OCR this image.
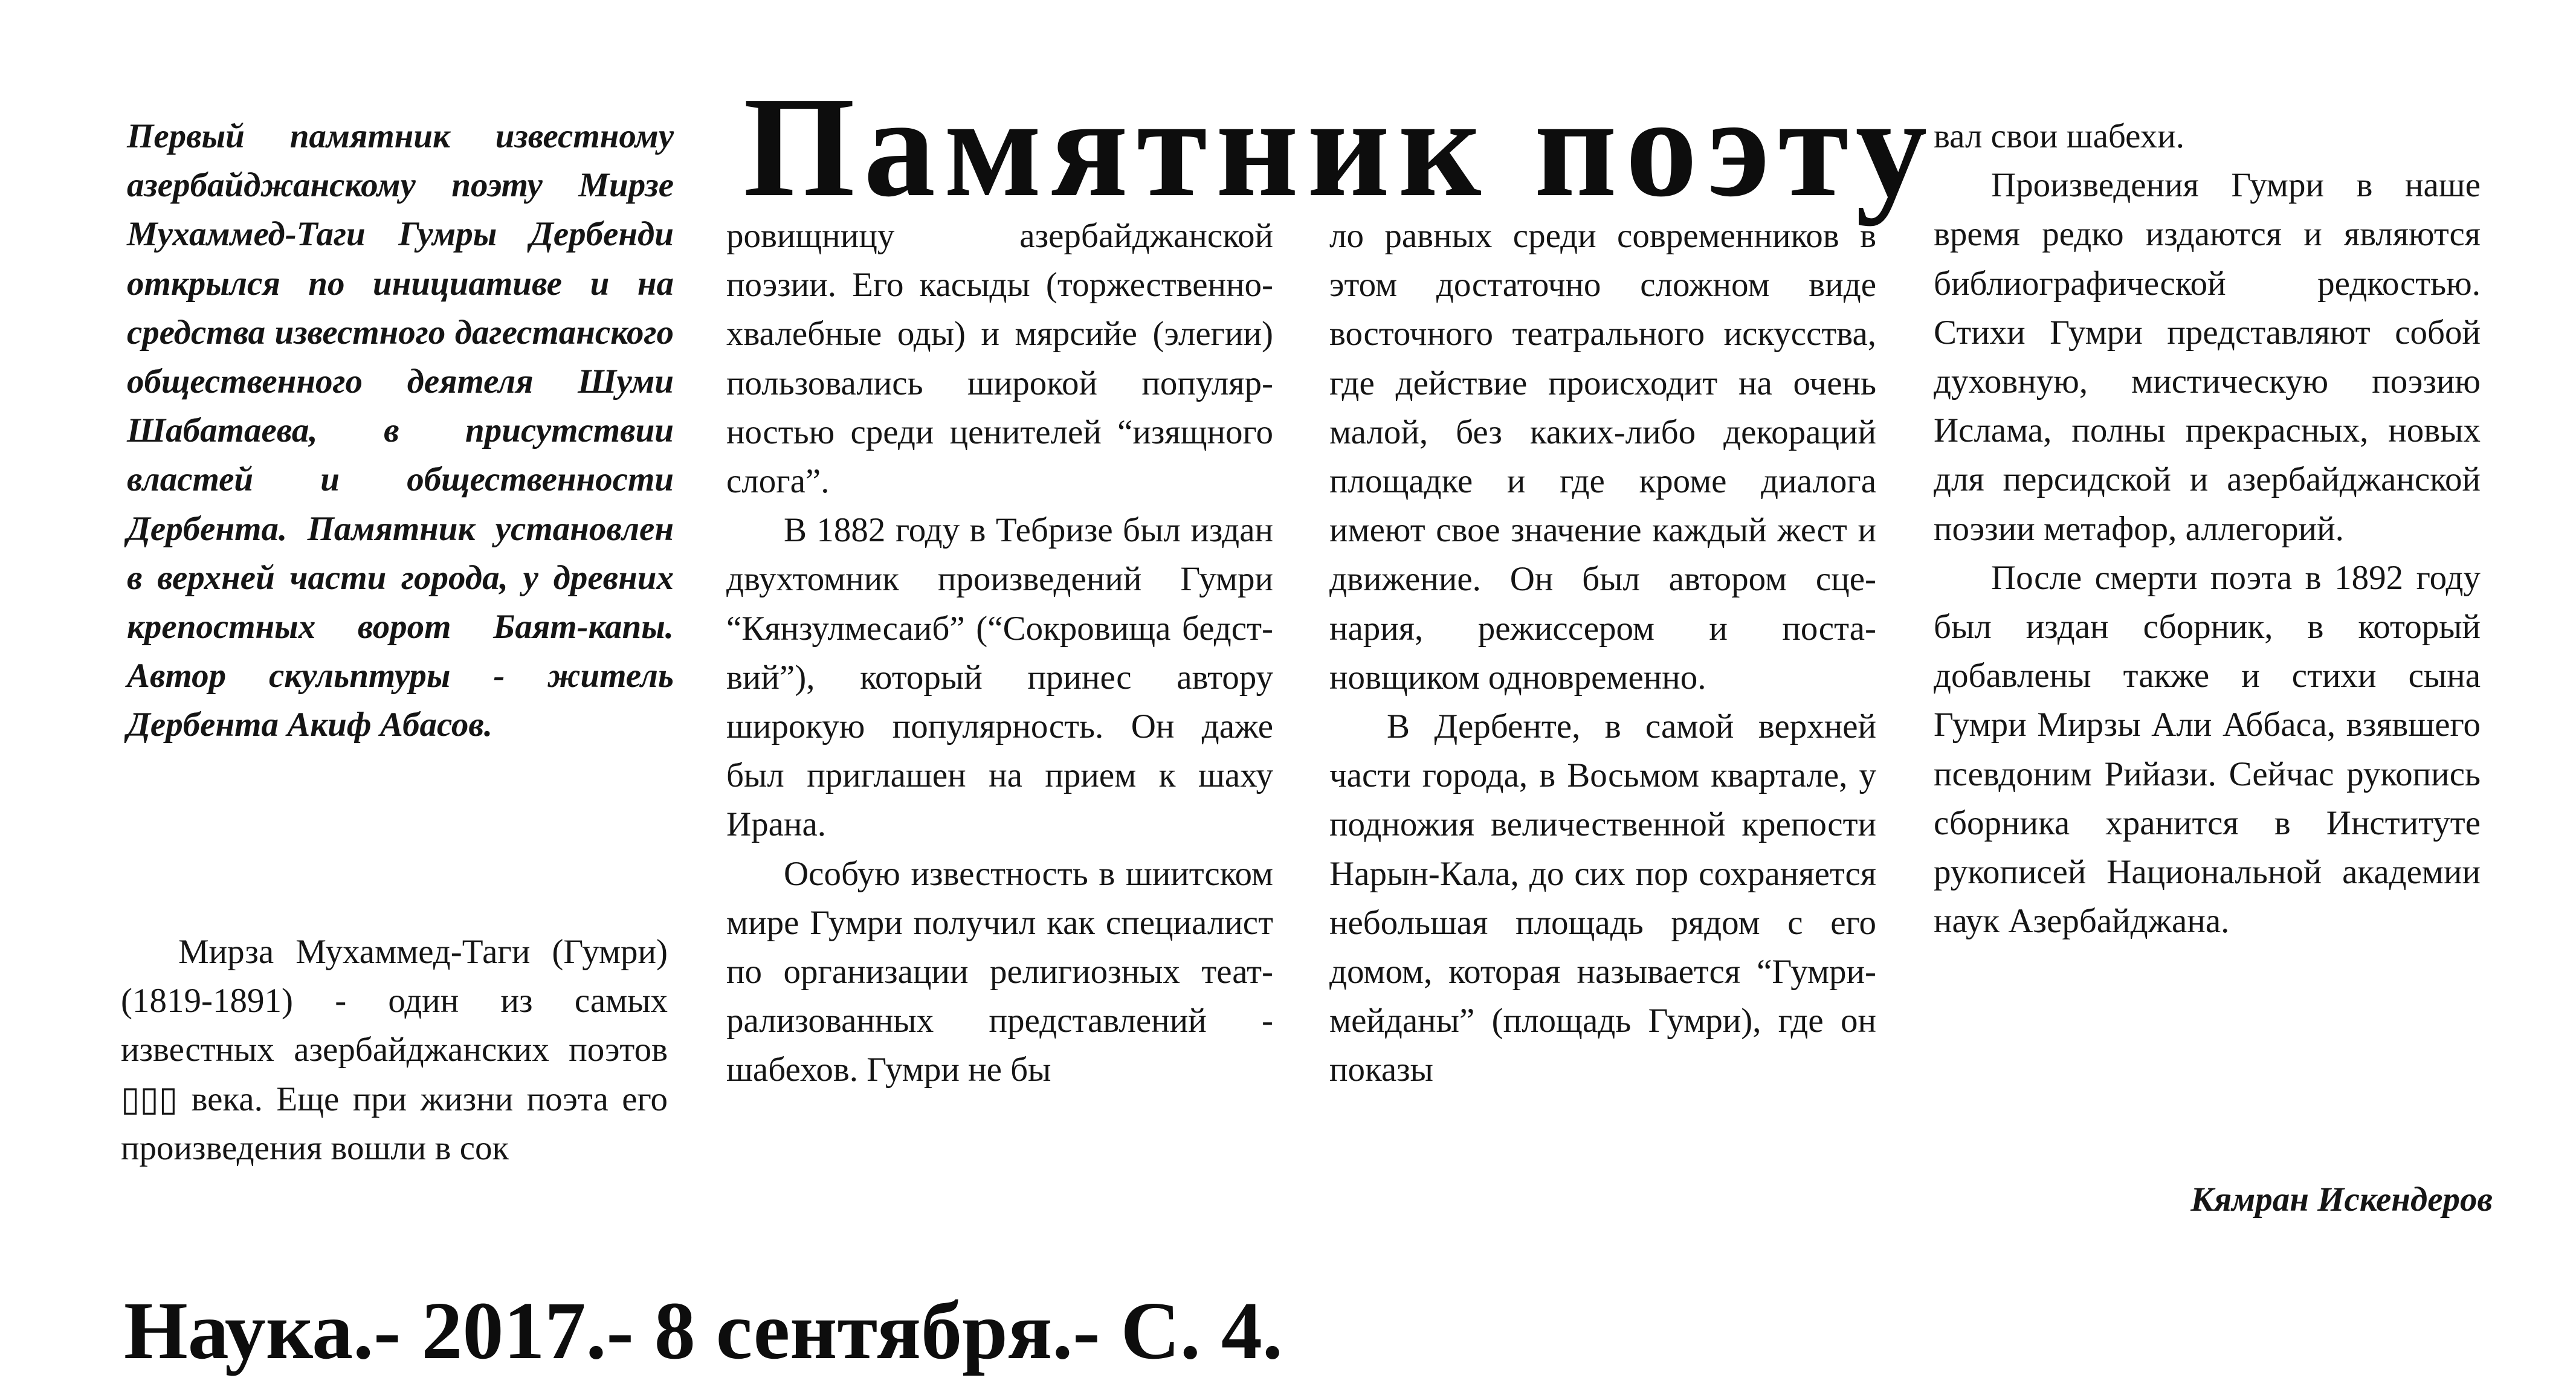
Памятник поэту

Первый памятник известному азербайджанскому поэту Мирзе Мухаммед-Таги Гумры Дербенди открылся по инициативе и на средства известного дагестанского общественного деятеля Шуми Шабатаева, в присутствии властей и общественности Дербента. Памятник установлен в верхней части города, у древних крепостных ворот Баят-капы. Автор скульптуры - житель Дербента Акиф Абасов.

Мирза Мухаммед-Таги (Гумри) (1819-1891) - один из самых известных азербайджанских поэтов ▯▯▯ века. Еще при жизни поэта его произведения вошли в сок

ровищницу азербайджанской поэзии. Его касыды (торжественно-хвалебные оды) и мярсийе (элегии) пользовались широкой популярностью среди ценителей “изящного слога”.

В 1882 году в Тебризе был издан двухтомник произведений Гумри “Кянзулмесаиб” (“Сокровища бедствий”), который принес автору широкую популярность. Он даже был приглашен на прием к шаху Ирана.

Особую известность в шиитском мире Гумри получил как специалист по организации религиозных театрализованных представлений - шабехов. Гумри не бы

ло равных среди современников в этом достаточно сложном виде восточного театрального искусства, где действие происходит на очень малой, без каких-либо декораций площадке и где кроме диалога имеют свое значение каждый жест и движение. Он был автором сценария, режиссером и постановщиком одновременно.

В Дербенте, в самой верхней части города, в Восьмом квартале, у подножия величественной крепости Нарын-Кала, до сих пор сохраняется небольшая площадь рядом с его домом, которая называется “Гумри-мейданы” (площадь Гумри), где он показы

вал свои шабехи.

Произведения Гумри в наше время редко издаются и являются библиографической редкостью. Стихи Гумри представляют собой духовную, мистическую поэзию Ислама, полны прекрасных, новых для персидской и азербайджанской поэзии метафор, аллегорий.

После смерти поэта в 1892 году был издан сборник, в который добавлены также и стихи сына Гумри Мирзы Али Аббаса, взявшего псевдоним Рийази. Сейчас рукопись сборника хранится в Институте рукописей Национальной академии наук Азербайджана.

Кямран Искендеров

Наука.- 2017.- 8 сентября.- С. 4.
